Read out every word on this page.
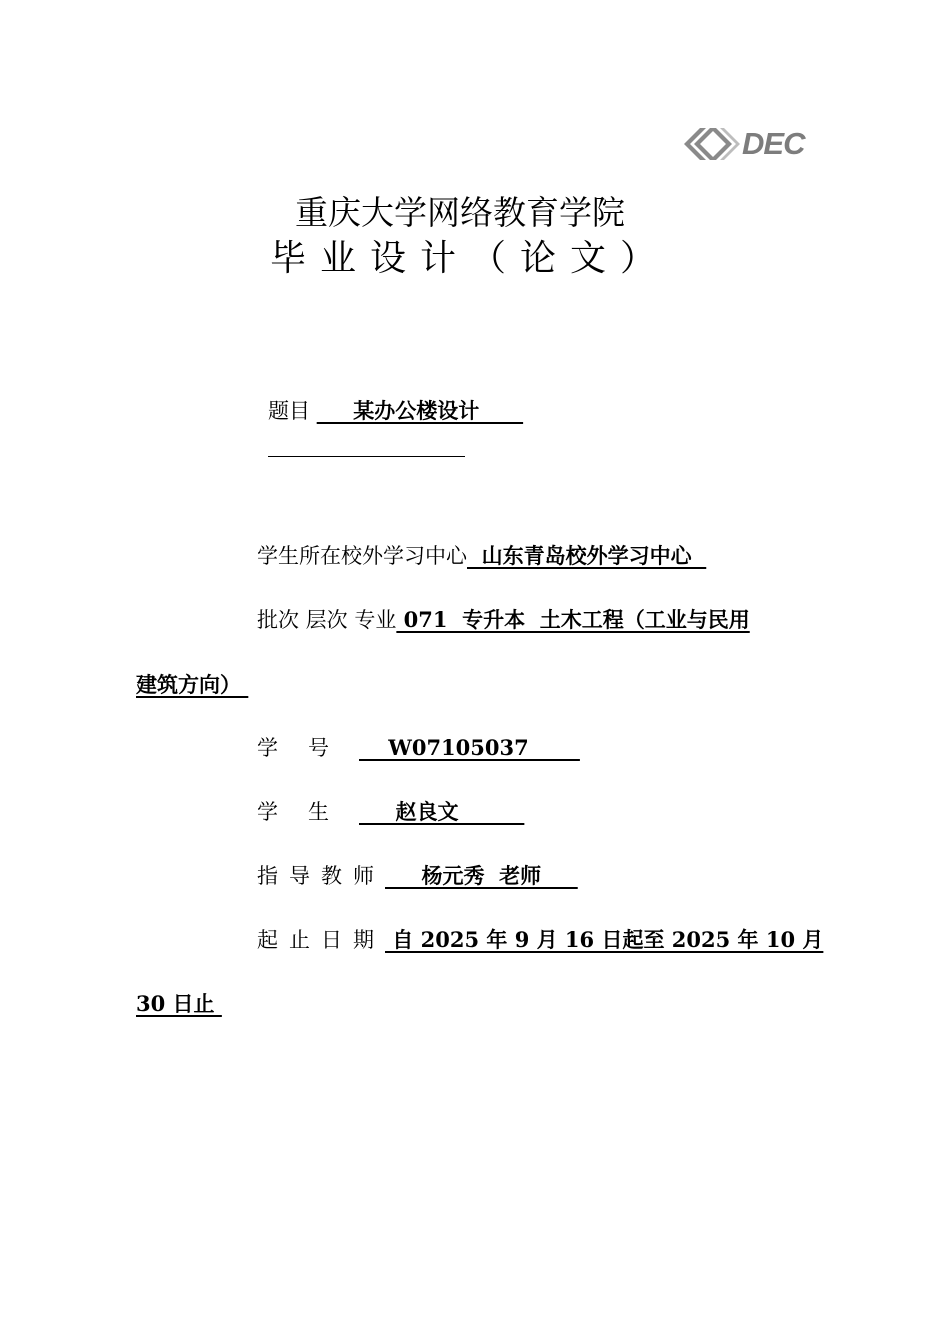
DEC
重庆大学网络教育学院
毕业设计（论文）
题目      某办公楼设计
学生所在校外学习中心  山东青岛校外学习中心
批次 层次 专业 071  专升本  土木工程（工业与民用
建筑方向）
学号    W07105037
学生     赵良文
指导教师     杨元秀  老师
起止日期 自 2025 年 9 月 16 日起至 2025 年 10 月
30 日止
